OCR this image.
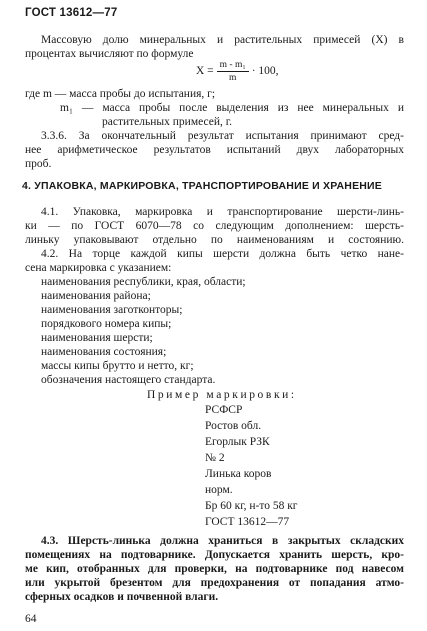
ГОСТ 13612—77
Массовую долю минеральных и растительных примесей (X) в
процентах вычисляют по формуле
$X = \frac{\text{m - m₁}}{m} \cdot 100$,
где m — масса пробы до испытания, г;
m₁ — масса пробы после выделения из нее минеральных и
растительных примесей, г.
3.3.6. За окончательный результат испытания принимают сред-
нее арифметическое результатов испытаний двух лабораторных
проб.
4. УПАКОВКА, МАРКИРОВКА, ТРАНСПОРТИРОВАНИЕ И ХРАНЕНИЕ
4.1. Упаковка, маркировка и транспортирование шерсти-линь-
ки — по ГОСТ 6070—78 со следующим дополнением: шерсть-
линьку упаковывают отдельно по наименованиям и состоянию.
4.2. На торце каждой кипы шерсти должна быть четко нане-
сена маркировка с указанием:
наименования республики, края, области;
наименования района;
наименования заготконторы;
порядкового номера кипы;
наименования шерсти;
наименования состояния;
массы кипы брутто и нетто, кг;
обозначения настоящего стандарта.
Пример маркировки:
РСФСР
Ростов обл.
Егорлык РЗК
№ 2
Линька коров
норм.
Бр 60 кг, н-то 58 кг
ГОСТ 13612—77
4.3. Шерсть-линька должна храниться в закрытых складских
помещениях на подтоварнике. Допускается хранить шерсть, кро-
ме кип, отобранных для проверки, на подтоварнике под навесом
или укрытой брезентом для предохранения от попадания атмо-
сферных осадков и почвенной влаги.
64
